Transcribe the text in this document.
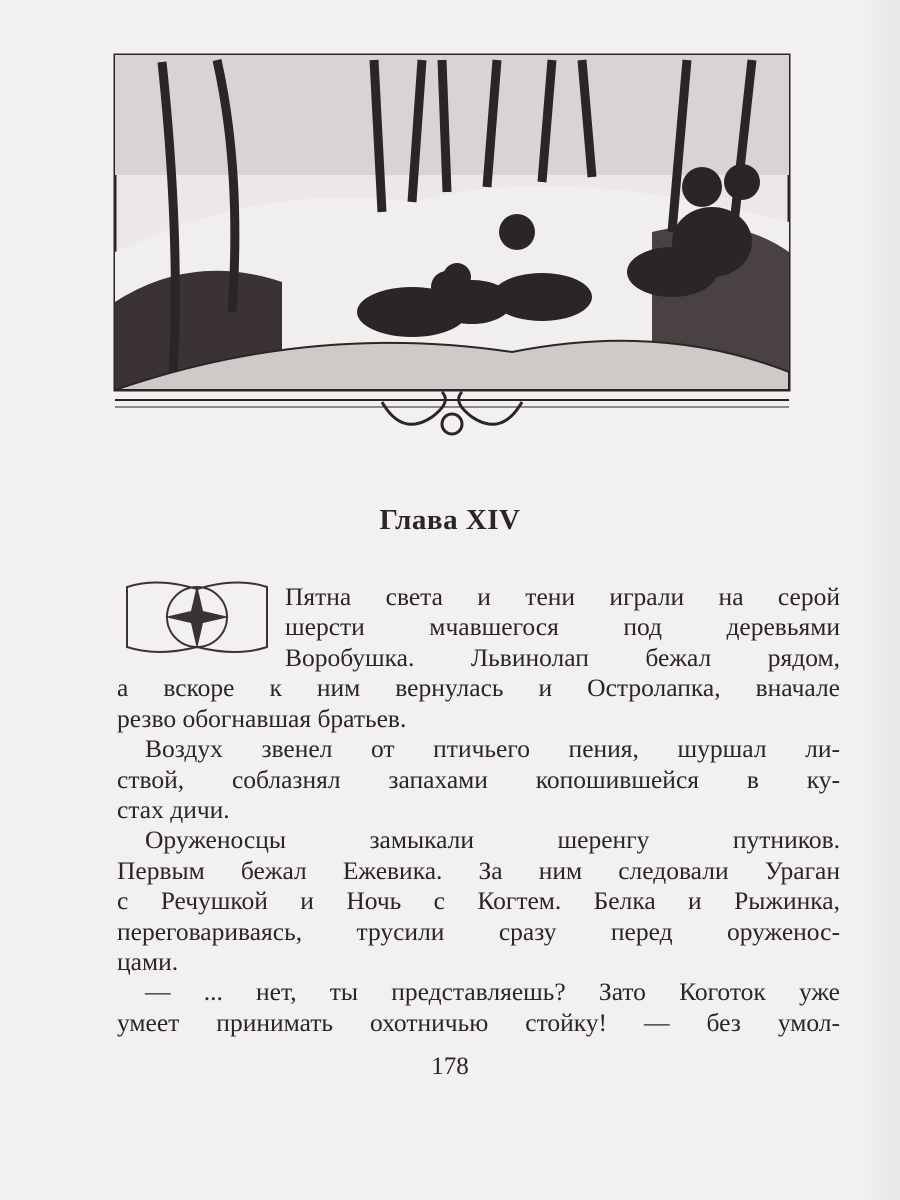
Глава XIV
Пятна света и тени играли на серой
шерсти мчавшегося под деревьями
Воробушка. Львинолап бежал рядом,
а вскоре к ним вернулась и Остролапка, вначале
резво обогнавшая братьев.
Воздух звенел от птичьего пения, шуршал ли-
ствой, соблазнял запахами копошившейся в ку-
стах дичи.
Оруженосцы замыкали шеренгу путников.
Первым бежал Ежевика. За ним следовали Ураган
с Речушкой и Ночь с Когтем. Белка и Рыжинка,
переговариваясь, трусили сразу перед оруженос-
цами.
— ... нет, ты представляешь? Зато Коготок уже
умеет принимать охотничью стойку! — без умол-
178
